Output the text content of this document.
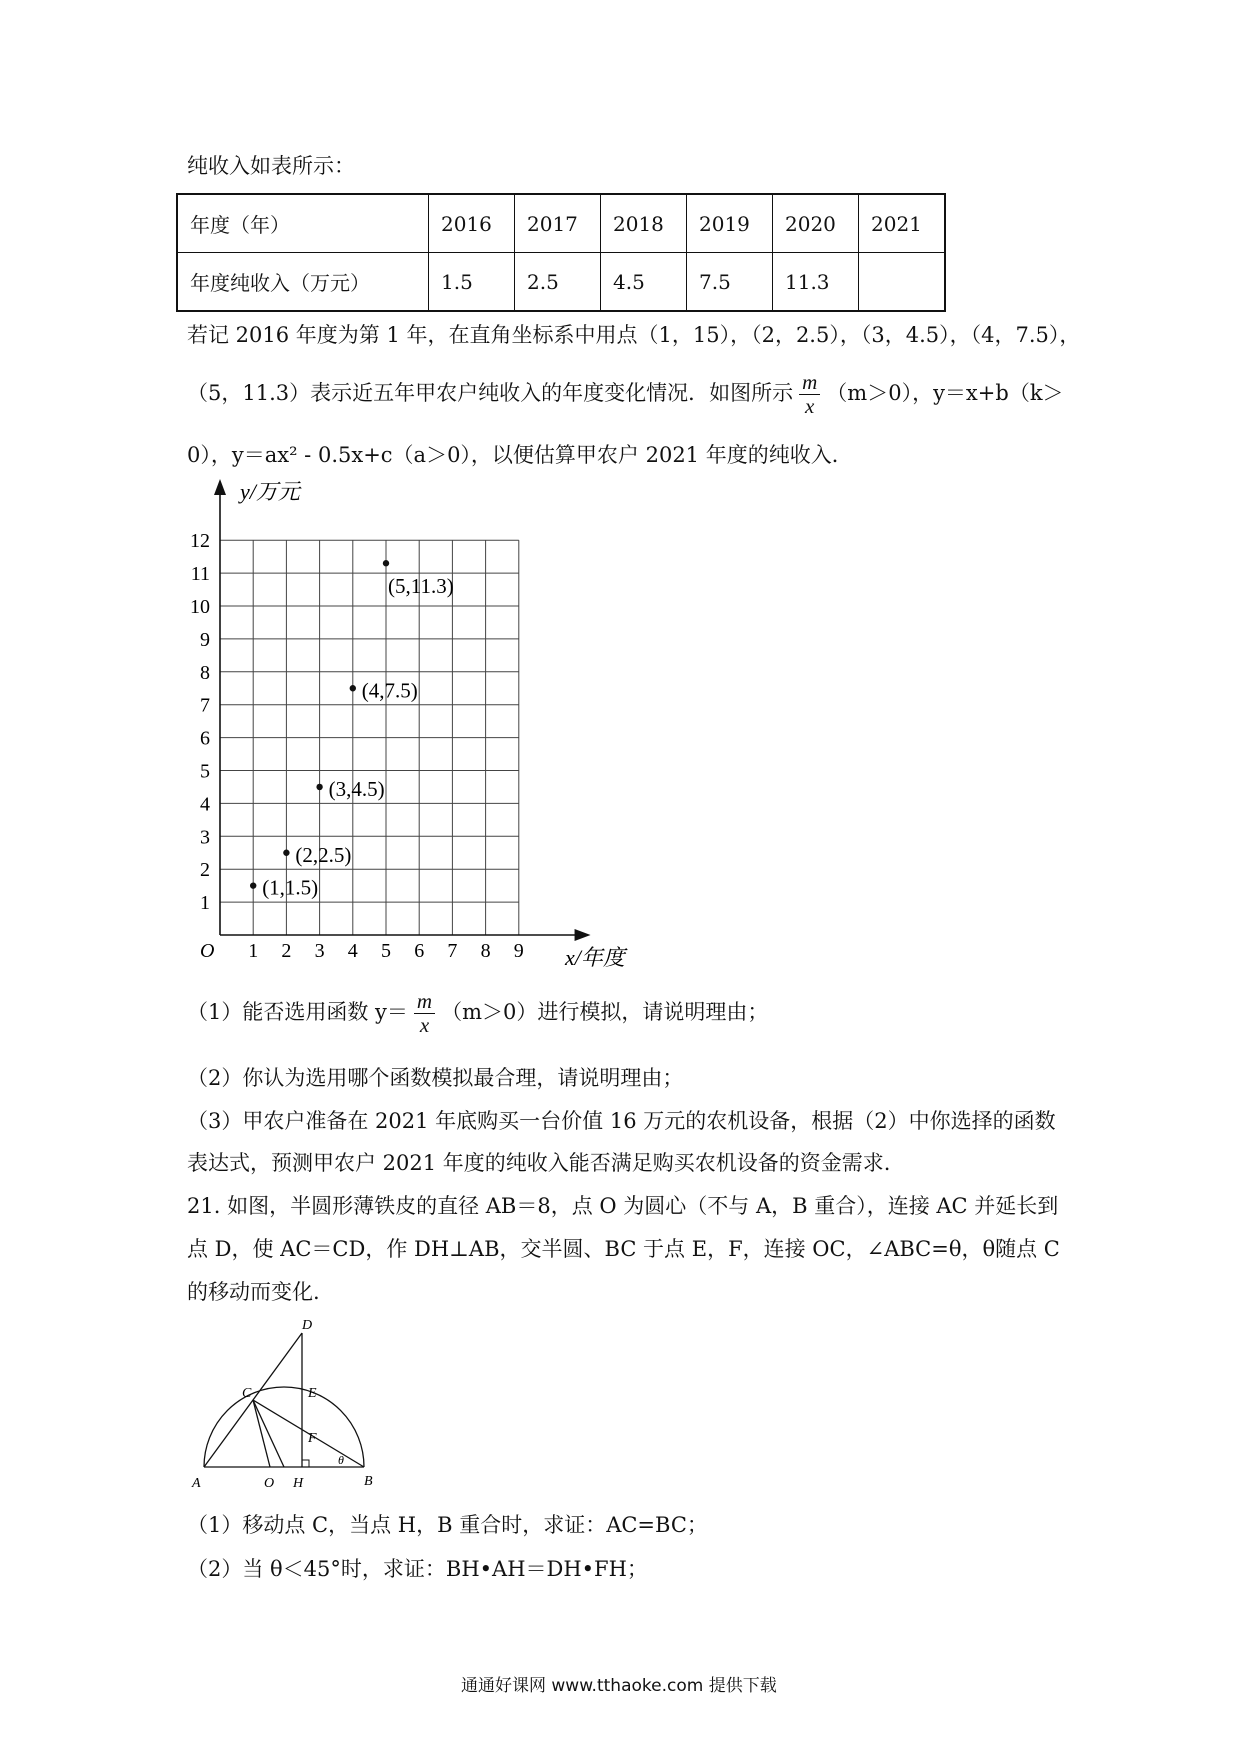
纯收入如表所示：
年度（年）	2016	2017	2018	2019	2020	2021
年度纯收入（万元）	1.5	2.5	4.5	7.5	11.3	
若记 2016 年度为第 1 年，在直角坐标系中用点（1，15），（2，2.5），（3，4.5），（4，7.5），
（5，11.3）表示近五年甲农户纯收入的年度变化情况．如图所示 $\frac{m}{x} (m>0)$，y＝x+b（k＞
0），y＝ax² - 0.5x+c（a＞0），以便估算甲农户 2021 年度的纯收入．
y/万元
x/年度
O 1 2 3 4 5 6 7 8 9
1
2
3
4
5
6
7
8
9
10
11
12
(1,1.5)
(2,2.5)
(3,4.5)
(4,7.5)
(5,11.3)
（1）能否选用函数 $y= \frac{m}{x} (m>0)$进行模拟，请说明理由；
（2）你认为选用哪个函数模拟最合理，请说明理由；
（3）甲农户准备在 2021 年底购买一台价值 16 万元的农机设备，根据（2）中你选择的函数
表达式，预测甲农户 2021 年度的纯收入能否满足购买农机设备的资金需求.
21. 如图，半圆形薄铁皮的直径 AB＝8，点 O 为圆心（不与 A，B 重合），连接 AC 并延长到
点 D，使 AC＝CD，作 DH⊥AB，交半圆、BC 于点 E，F，连接 OC，∠ABC=θ，θ随点 C
的移动而变化.
A	O H	B
C
D
E
F
θ
（1）移动点 C，当点 H，B 重合时，求证：AC=BC；
（2）当 θ＜45°时，求证：BH•AH＝DH•FH；
通通好课网 www.tthaoke.com 提供下载
